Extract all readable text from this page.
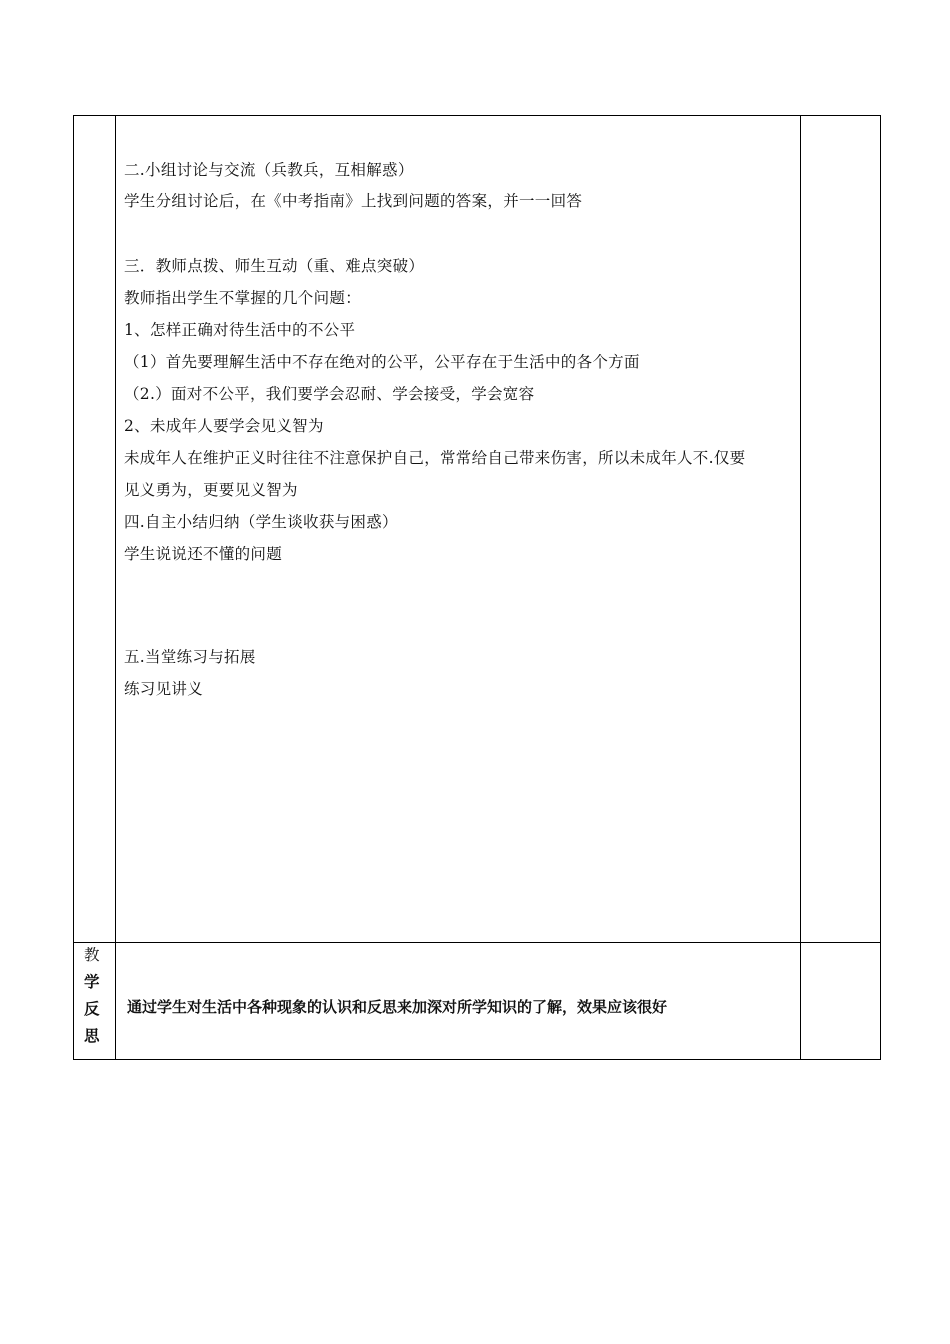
二.小组讨论与交流（兵教兵，互相解惑）
学生分组讨论后，在《中考指南》上找到问题的答案，并一一回答
三．教师点拨、师生互动（重、难点突破）
教师指出学生不掌握的几个问题：
1、怎样正确对待生活中的不公平
（1）首先要理解生活中不存在绝对的公平，公平存在于生活中的各个方面
（2.）面对不公平，我们要学会忍耐、学会接受，学会宽容
2、未成年人要学会见义智为
未成年人在维护正义时往往不注意保护自己，常常给自己带来伤害，所以未成年人不.仅要
见义勇为，更要见义智为
四.自主小结归纳（学生谈收获与困惑）
学生说说还不懂的问题
五.当堂练习与拓展
练习见讲义
教
学
反
思
通过学生对生活中各种现象的认识和反思来加深对所学知识的了解，效果应该很好
